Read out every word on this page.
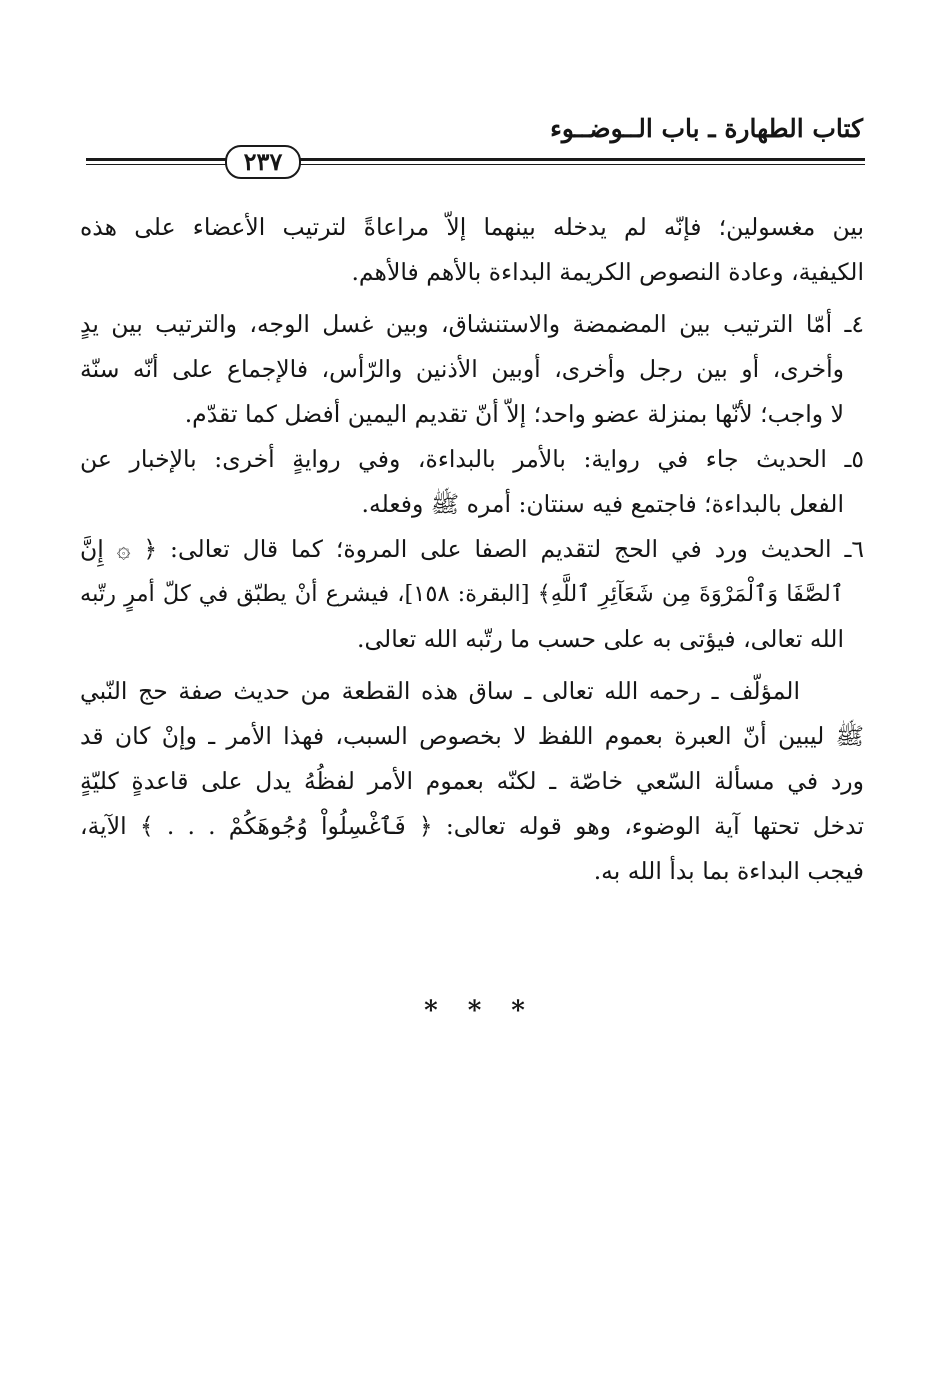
كتاب الطهارة ـ باب الــوضــوء
٢٣٧
بين مغسولين؛ فإنّه لم يدخله بينهما إلاّ مراعاةً لترتيب الأعضاء على هذه
الكيفية، وعادة النصوص الكريمة البداءة بالأهم فالأهم.
٤ـ أمّا الترتيب بين المضمضة والاستنشاق، وبين غسل الوجه، والترتيب بين يدٍ
وأخرى، أو بين رجل وأخرى، أوبين الأذنين والرّأس، فالإجماع على أنّه سنّة
لا واجب؛ لأنّها بمنزلة عضو واحد؛ إلاّ أنّ تقديم اليمين أفضل كما تقدّم.
٥ـ الحديث جاء في رواية: بالأمر بالبداءة، وفي روايةٍ أخرى: بالإخبار عن
الفعل بالبداءة؛ فاجتمع فيه سنتان: أمره ﷺ وفعله.
٦ـ الحديث ورد في الحج لتقديم الصفا على المروة؛ كما قال تعالى: ﴿ ۞ إِنَّ
ٱلصَّفَا وَٱلْمَرْوَةَ مِن شَعَآئِرِ ٱللَّهِ﴾ [البقرة: ١٥٨]، فيشرع أنْ يطبّق في كلّ أمرٍ رتّبه
الله تعالى، فيؤتى به على حسب ما رتّبه الله تعالى.
المؤلّف ـ رحمه الله تعالى ـ ساق هذه القطعة من حديث صفة حج النّبي
ﷺ ليبين أنّ العبرة بعموم اللفظ لا بخصوص السبب، فهذا الأمر ـ وإنْ كان قد
ورد في مسألة السّعي خاصّة ـ لكنّه بعموم الأمر لفظُهُ يدل على قاعدةٍ كليّةٍ
تدخل تحتها آية الوضوء، وهو قوله تعالى: ﴿ فَٱغْسِلُواْ وُجُوهَكُمْ . . . ﴾ الآية،
فيجب البداءة بما بدأ الله به.
***
